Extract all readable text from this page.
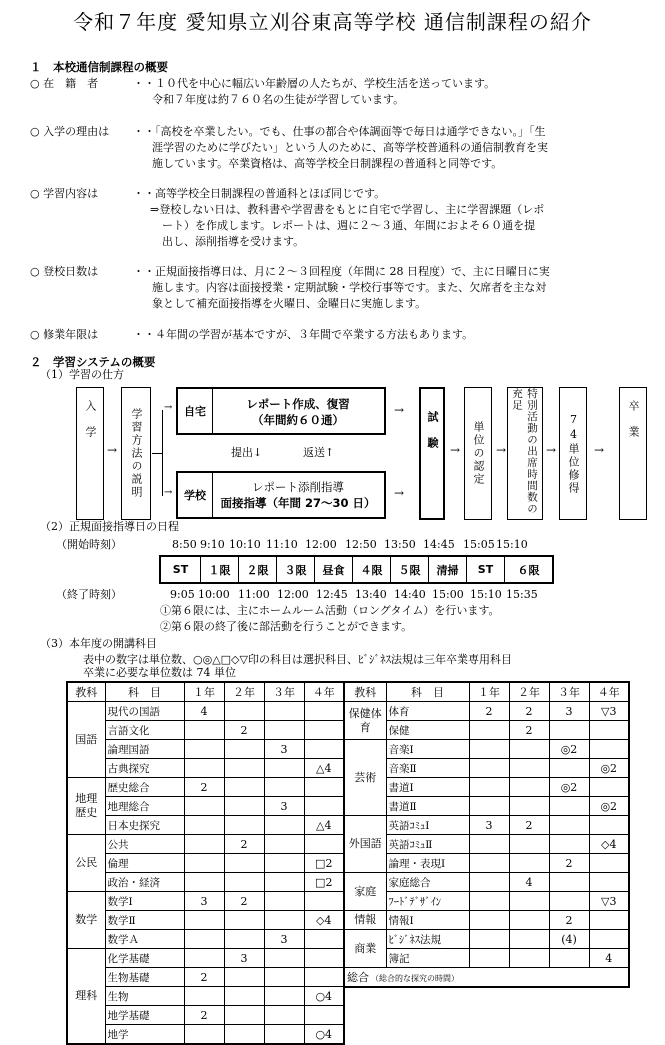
令和７年度 愛知県立刈谷東高等学校 通信制課程の紹介
１　本校通信制課程の概要
○ 在　籍　者	・・１０代を中心に幅広い年齢層の人たちが、学校生活を送っています。
令和７年度は約７６０名の生徒が学習しています。
○ 入学の理由は ・・「高校を卒業したい。でも、仕事の都合や体調面等で毎日は通学できない。」「生
涯学習のために学びたい」という人のために、高等学校普通科の通信制教育を実
施しています。卒業資格は、高等学校全日制課程の普通科と同等です。
○ 学習内容は	・・高等学校全日制課程の普通科とほぼ同じです。
⇒登校しない日は、教科書や学習書をもとに自宅で学習し、主に学習課題（レポ
ート）を作成します。レポートは、週に２～３通、年間におよそ６０通を提
出し、添削指導を受けます。
○ 登校日数は	・・正規面接指導日は、月に２～３回程度（年間に 28 日程度）で、主に日曜日に実
施します。内容は面接授業・定期試験・学校行事等です。また、欠席者を主な対
象として補充面接指導を火曜日、金曜日に実施します。
○ 修業年限は	・・４年間の学習が基本ですが、３年間で卒業する方法もあります。
２　学習システムの概要
（1）学習の仕方
入　学
→ 学習方法の説明
→
→
自宅
レポート作成、復習
（年間約６０通）
提出↓	返送↑
学校
レポート添削指導
面接指導（年間 27～30 日）
→
→
試　験 → 単位の認定 →	特別活動の出席時間数の充足
→ 74単位修得 →
卒　業
（2）正規面接指導日の日程
（開始時刻）	8:50 9:10 10:10 11:10 12:00 12:50 13:50 14:45 15:05 15:10
ST	１限	２限	３限	昼食	４限	５限	清掃	ST	６限
（終了時刻）	9:05 10:00 11:00 12:00 12:45 13:40 14:40 15:00 15:10 15:35
①第６限には、主にホームルーム活動（ロングタイム）を行います。
②第６限の終了後に部活動を行うことができます。
（3）本年度の開講科目
表中の数字は単位数、○◎△□◇▽印の科目は選択科目、ﾋﾞｼﾞﾈｽ法規は三年卒業専用科目
卒業に必要な単位数は 74 単位
教科	科　目	１年	２年	３年	４年
国語	現代の国語	4			
	言語文化		2		
	論理国語			3	
	古典探究				△4
地理歴史	歴史総合	2			
	地理総合			3	
	日本史探究				△4
公民	公共		2		
	倫理				□2
	政治・経済				□2
数学	数学Ⅰ	3	2		
	数学Ⅱ				◇4
	数学Ａ			3	
理科	化学基礎		3		
	生物基礎	2			
	生物				○4
	地学基礎	2			
	地学				○4
教科	科　目	１年	２年	３年	４年
保健体育	体育	2	2	3	▽3
	保健		2		
芸術	音楽Ⅰ			◎2	
	音楽Ⅱ				◎2
	書道Ⅰ			◎2	
	書道Ⅱ				◎2
外国語	英語ｺﾐｭⅠ	3	2		
	英語ｺﾐｭⅡ				◇4
	論理・表現Ⅰ			2	
家庭	家庭総合		4		
	ﾌｰﾄﾞﾃﾞｻﾞｲﾝ				▽3
情報	情報Ⅰ			2	
商業	ﾋﾞｼﾞﾈｽ法規			(4)	
	簿記				4
総合 （総合的な探究の時間）					
